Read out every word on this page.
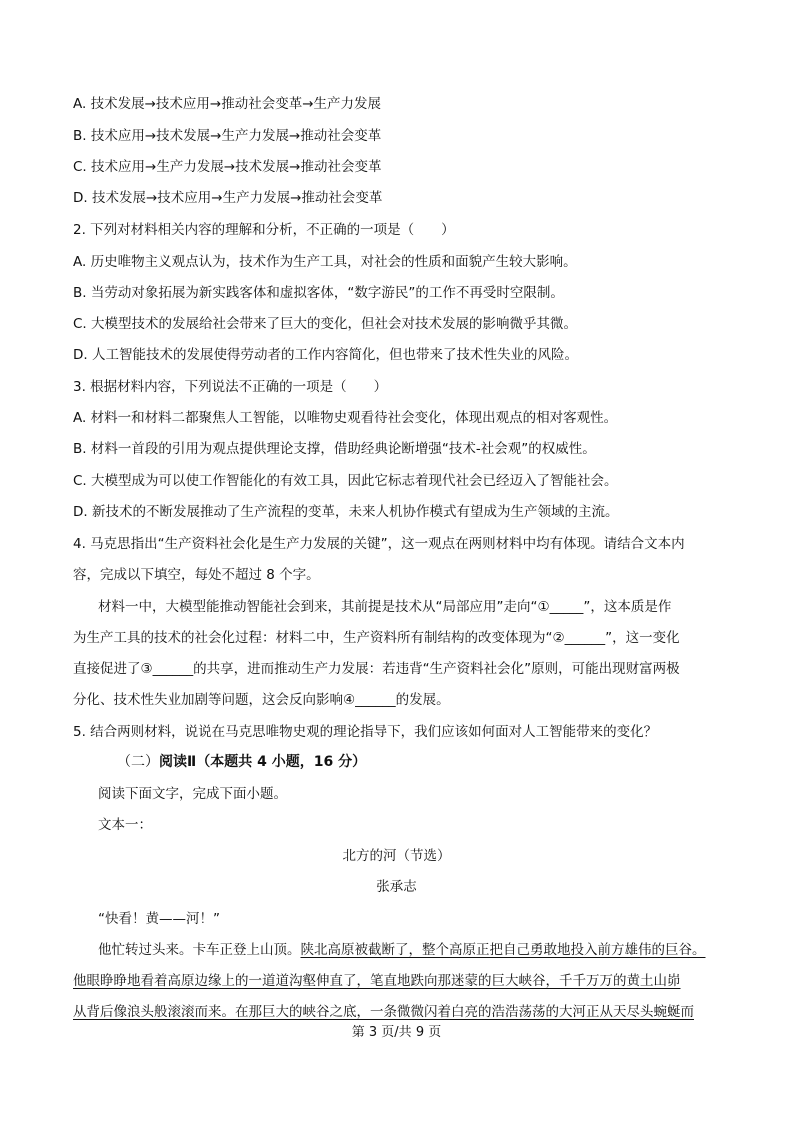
A. 技术发展→技术应用→推动社会变革→生产力发展
B. 技术应用→技术发展→生产力发展→推动社会变革
C. 技术应用→生产力发展→技术发展→推动社会变革
D. 技术发展→技术应用→生产力发展→推动社会变革
2. 下列对材料相关内容的理解和分析，不正确的一项是（　　）
A. 历史唯物主义观点认为，技术作为生产工具，对社会的性质和面貌产生较大影响。
B. 当劳动对象拓展为新实践客体和虚拟客体，“数字游民”的工作不再受时空限制。
C. 大模型技术的发展给社会带来了巨大的变化，但社会对技术发展的影响微乎其微。
D. 人工智能技术的发展使得劳动者的工作内容简化，但也带来了技术性失业的风险。
3. 根据材料内容，下列说法不正确的一项是（　　）
A. 材料一和材料二都聚焦人工智能，以唯物史观看待社会变化，体现出观点的相对客观性。
B. 材料一首段的引用为观点提供理论支撑，借助经典论断增强“技术-社会观”的权威性。
C. 大模型成为可以使工作智能化的有效工具，因此它标志着现代社会已经迈入了智能社会。
D. 新技术的不断发展推动了生产流程的变革，未来人机协作模式有望成为生产领域的主流。
4. 马克思指出“生产资料社会化是生产力发展的关键”，这一观点在两则材料中均有体现。请结合文本内
容，完成以下填空，每处不超过 8 个字。
材料一中，大模型能推动智能社会到来，其前提是技术从“局部应用”走向“①_____”，这本质是作
为生产工具的技术的社会化过程：材料二中，生产资料所有制结构的改变体现为“②______”，这一变化
直接促进了③______的共享，进而推动生产力发展：若违背“生产资料社会化”原则，可能出现财富两极
分化、技术性失业加剧等问题，这会反向影响④______的发展。
5. 结合两则材料，说说在马克思唯物史观的理论指导下，我们应该如何面对人工智能带来的变化？
（二）阅读Ⅱ（本题共 4 小题，16 分）
阅读下面文字，完成下面小题。
文本一：
北方的河（节选）
张承志
“快看！黄——河！”
他忙转过头来。卡车正登上山顶。陕北高原被截断了，整个高原正把自己勇敢地投入前方雄伟的巨谷。
他眼睁睁地看着高原边缘上的一道道沟壑伸直了，笔直地跌向那迷蒙的巨大峡谷，千千万万的黄土山峁
从背后像浪头般滚滚而来。在那巨大的峡谷之底，一条微微闪着白亮的浩浩荡荡的大河正从天尽头蜿蜒而
第 3 页/共 9 页
